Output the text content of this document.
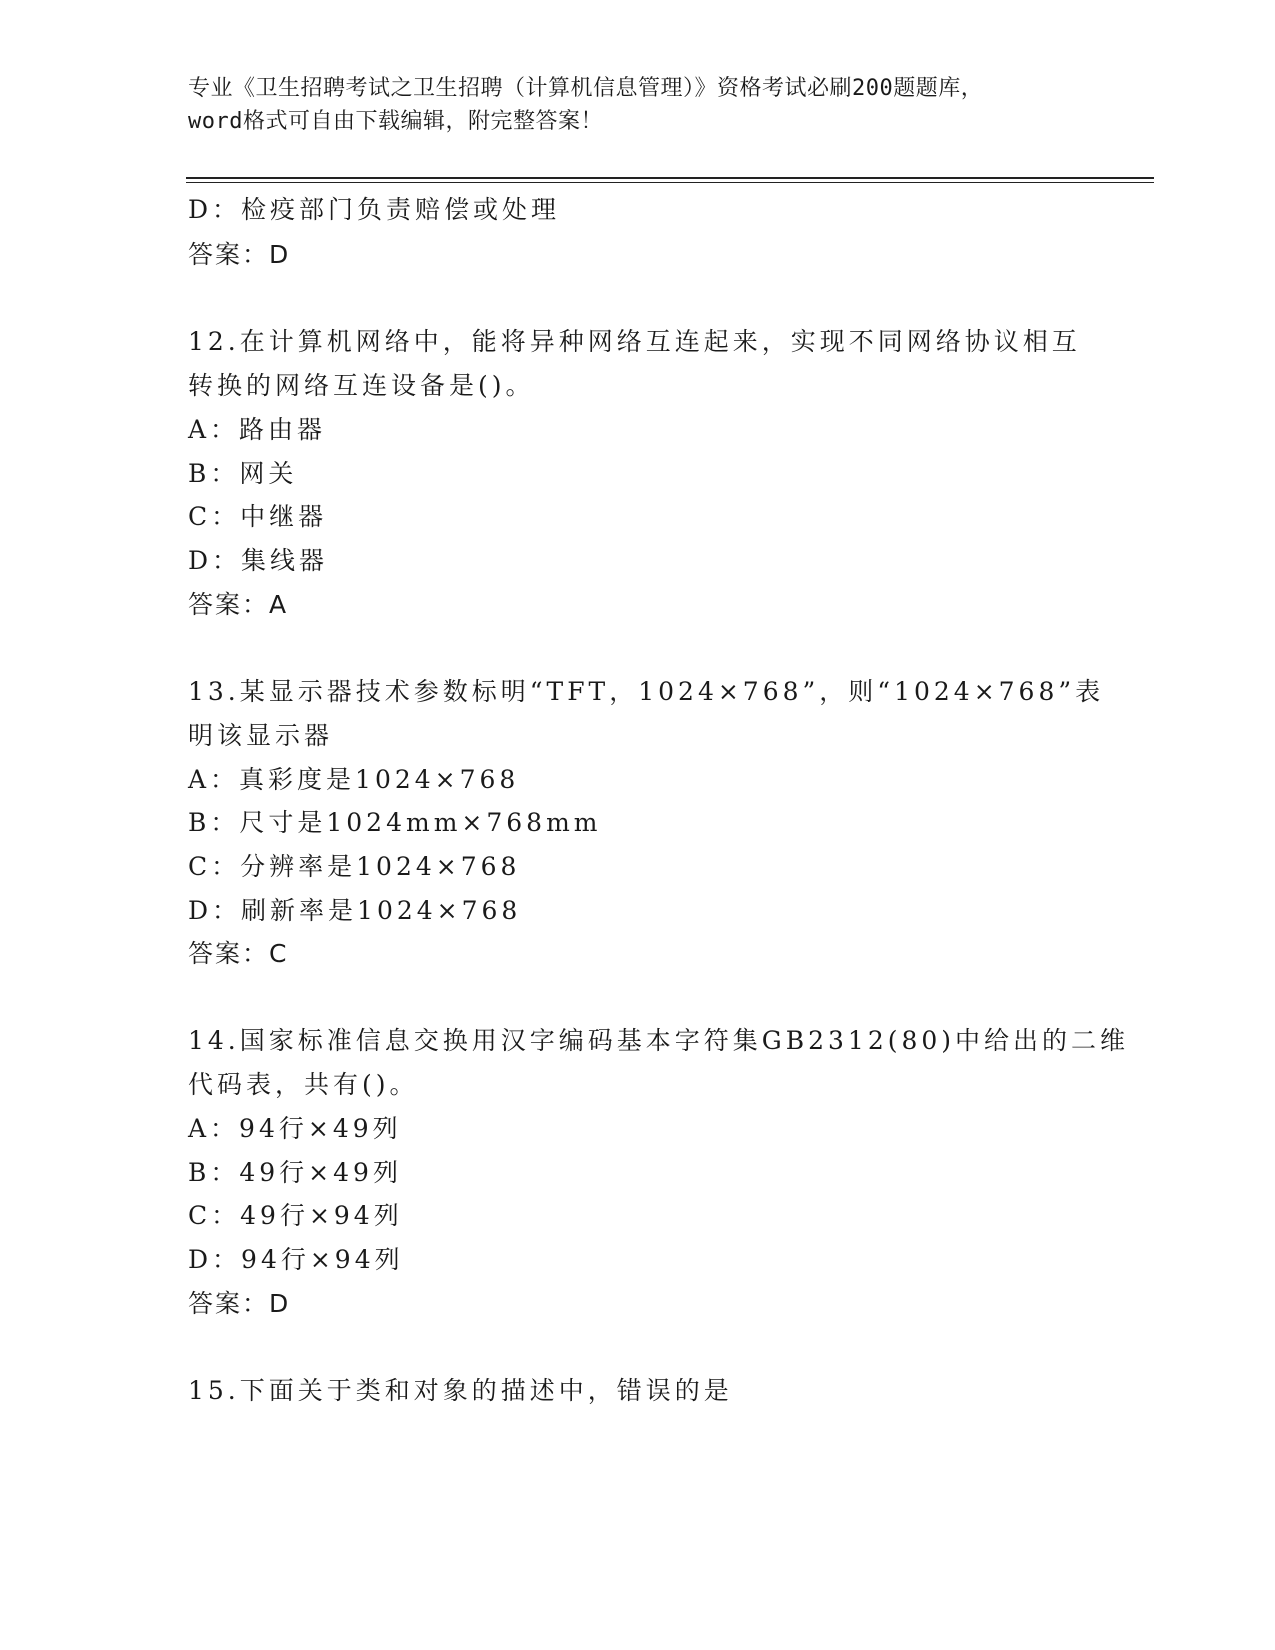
专业《卫生招聘考试之卫生招聘（计算机信息管理）》资格考试必刷200题题库，
word格式可自由下载编辑，附完整答案！
D：检疫部门负责赔偿或处理
答案：D
12.在计算机网络中，能将异种网络互连起来，实现不同网络协议相互
转换的网络互连设备是()。
A：路由器
B：网关
C：中继器
D：集线器
答案：A
13.某显示器技术参数标明“TFT，1024×768”，则“1024×768”表
明该显示器
A：真彩度是1024×768
B：尺寸是1024mm×768mm
C：分辨率是1024×768
D：刷新率是1024×768
答案：C
14.国家标准信息交换用汉字编码基本字符集GB2312(80)中给出的二维
代码表，共有()。
A：94行×49列
B：49行×49列
C：49行×94列
D：94行×94列
答案：D
15.下面关于类和对象的描述中，错误的是
